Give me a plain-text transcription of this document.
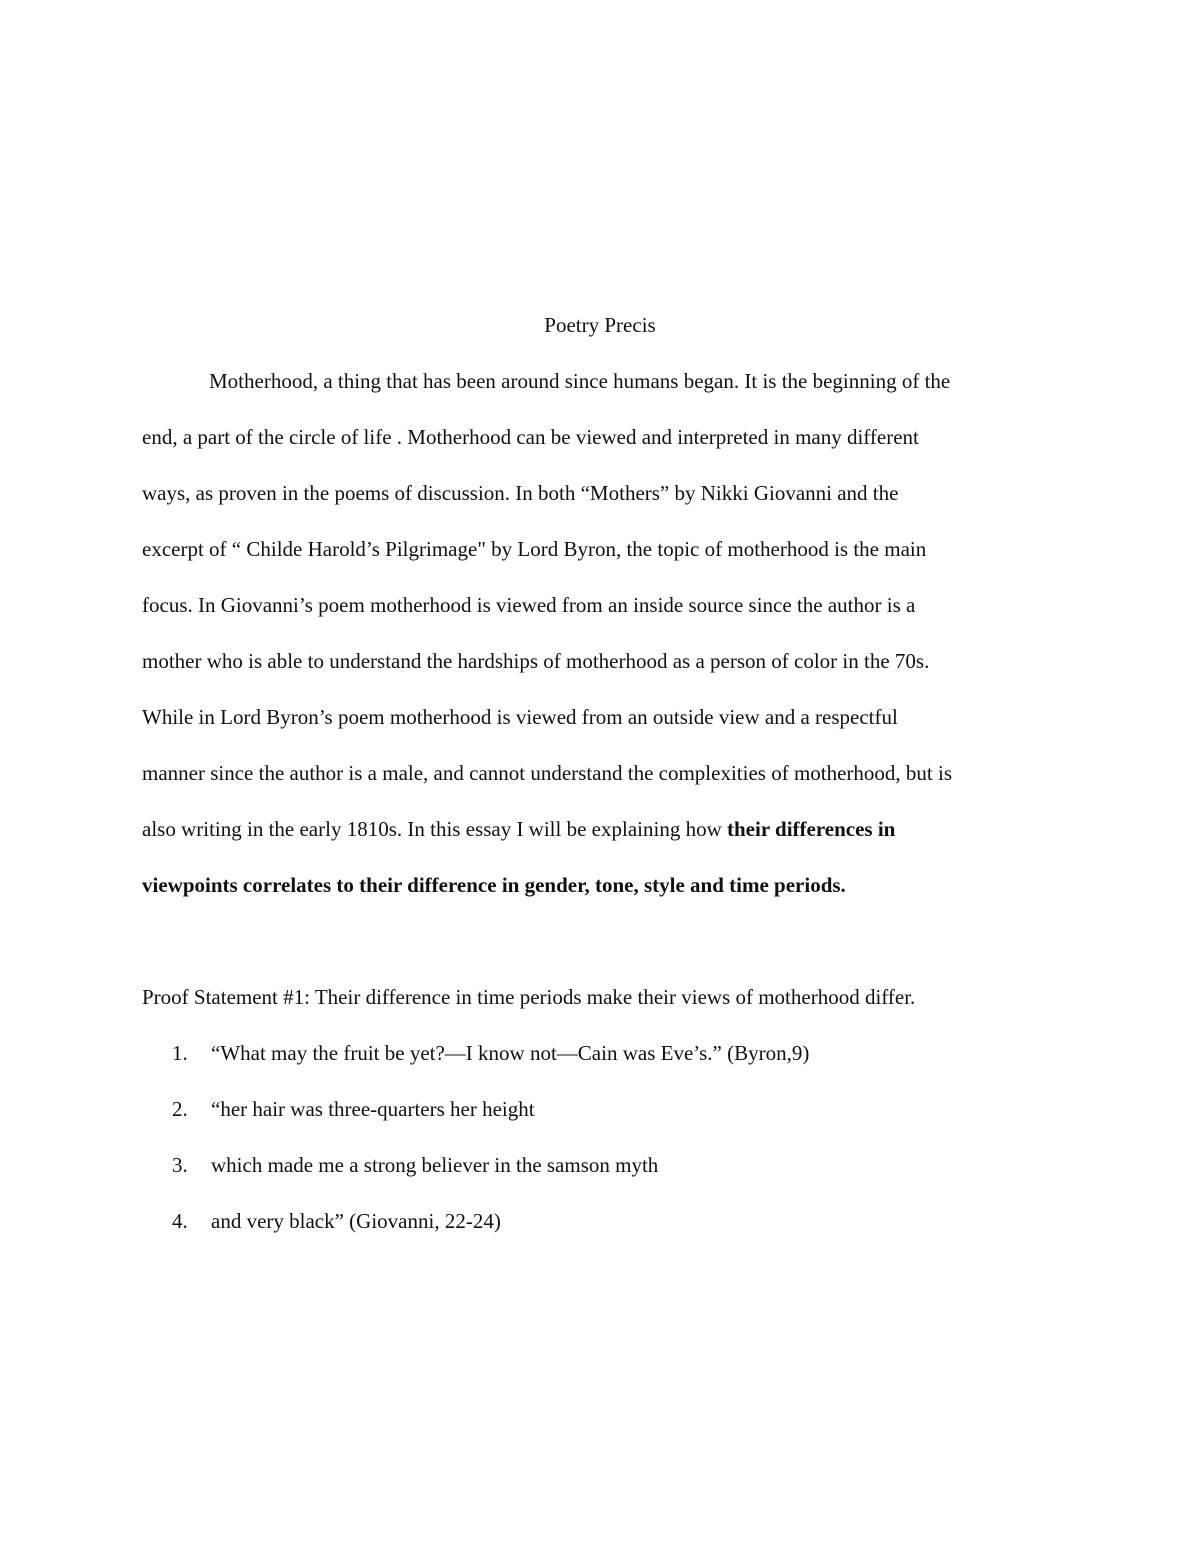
Poetry Precis
Motherhood, a thing that has been around since humans began. It is the beginning of the
end, a part of the circle of life . Motherhood can be viewed and interpreted in many different
ways, as proven in the poems of discussion. In both “Mothers” by Nikki Giovanni and the
excerpt of “ Childe Harold’s Pilgrimage" by Lord Byron, the topic of motherhood is the main
focus. In Giovanni’s poem motherhood is viewed from an inside source since the author is a
mother who is able to understand the hardships of motherhood as a person of color in the 70s.
While in Lord Byron’s poem motherhood is viewed from an outside view and a respectful
manner since the author is a male, and cannot understand the complexities of motherhood, but is
also writing in the early 1810s. In this essay I will be explaining how their differences in
viewpoints correlates to their difference in gender, tone, style and time periods.
Proof Statement #1: Their difference in time periods make their views of motherhood differ.
1.	“What may the fruit be yet?—I know not—Cain was Eve’s.” (Byron,9)
2.	“her hair was three-quarters her height
3.	which made me a strong believer in the samson myth
4.	and very black” (Giovanni, 22-24)
